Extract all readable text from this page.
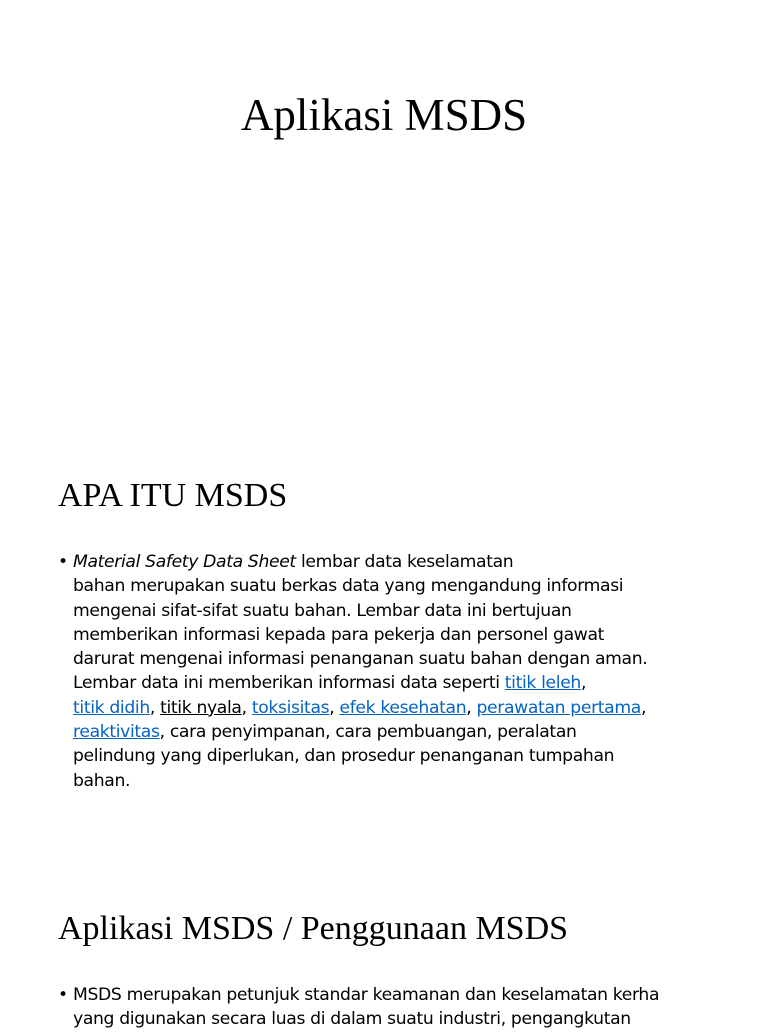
Aplikasi MSDS
APA ITU MSDS
• Material Safety Data Sheet lembar data keselamatan
bahan merupakan suatu berkas data yang mengandung informasi
mengenai sifat-sifat suatu bahan. Lembar data ini bertujuan
memberikan informasi kepada para pekerja dan personel gawat
darurat mengenai informasi penanganan suatu bahan dengan aman.
Lembar data ini memberikan informasi data seperti titik leleh,
titik didih, titik nyala, toksisitas, efek kesehatan, perawatan pertama,
reaktivitas, cara penyimpanan, cara pembuangan, peralatan
pelindung yang diperlukan, dan prosedur penanganan tumpahan
bahan.
Aplikasi MSDS / Penggunaan MSDS
• MSDS merupakan petunjuk standar keamanan dan keselamatan kerha
yang digunakan secara luas di dalam suatu industri, pengangkutan
